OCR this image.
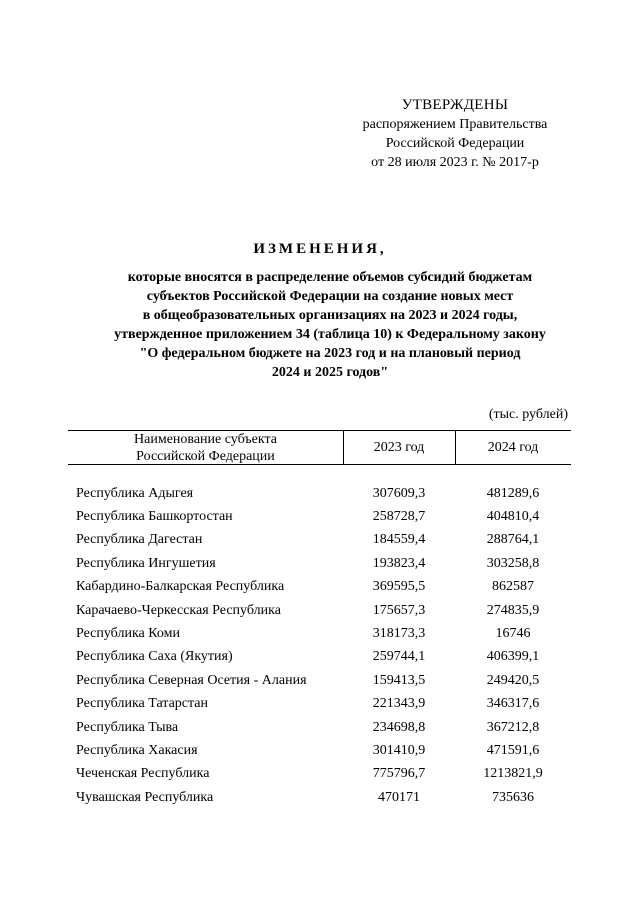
УТВЕРЖДЕНЫ
распоряжением Правительства
Российской Федерации
от 28 июля 2023 г. № 2017-р
ИЗМЕНЕНИЯ,
которые вносятся в распределение объемов субсидий бюджетам
субъектов Российской Федерации на создание новых мест
в общеобразовательных организациях на 2023 и 2024 годы,
утвержденное приложением 34 (таблица 10) к Федеральному закону
"О федеральном бюджете на 2023 год и на плановый период
2024 и 2025 годов"
(тыс. рублей)
Наименование субъекта
Российской Федерации
2023 год	2024 год
Республика Адыгея	307609,3	481289,6
Республика Башкортостан	258728,7	404810,4
Республика Дагестан	184559,4	288764,1
Республика Ингушетия	193823,4	303258,8
Кабардино-Балкарская Республика	369595,5	862587
Карачаево-Черкесская Республика	175657,3	274835,9
Республика Коми	318173,3	16746
Республика Саха (Якутия)	259744,1	406399,1
Республика Северная Осетия - Алания	159413,5	249420,5
Республика Татарстан	221343,9	346317,6
Республика Тыва	234698,8	367212,8
Республика Хакасия	301410,9	471591,6
Чеченская Республика	775796,7	1213821,9
Чувашская Республика	470171	735636
